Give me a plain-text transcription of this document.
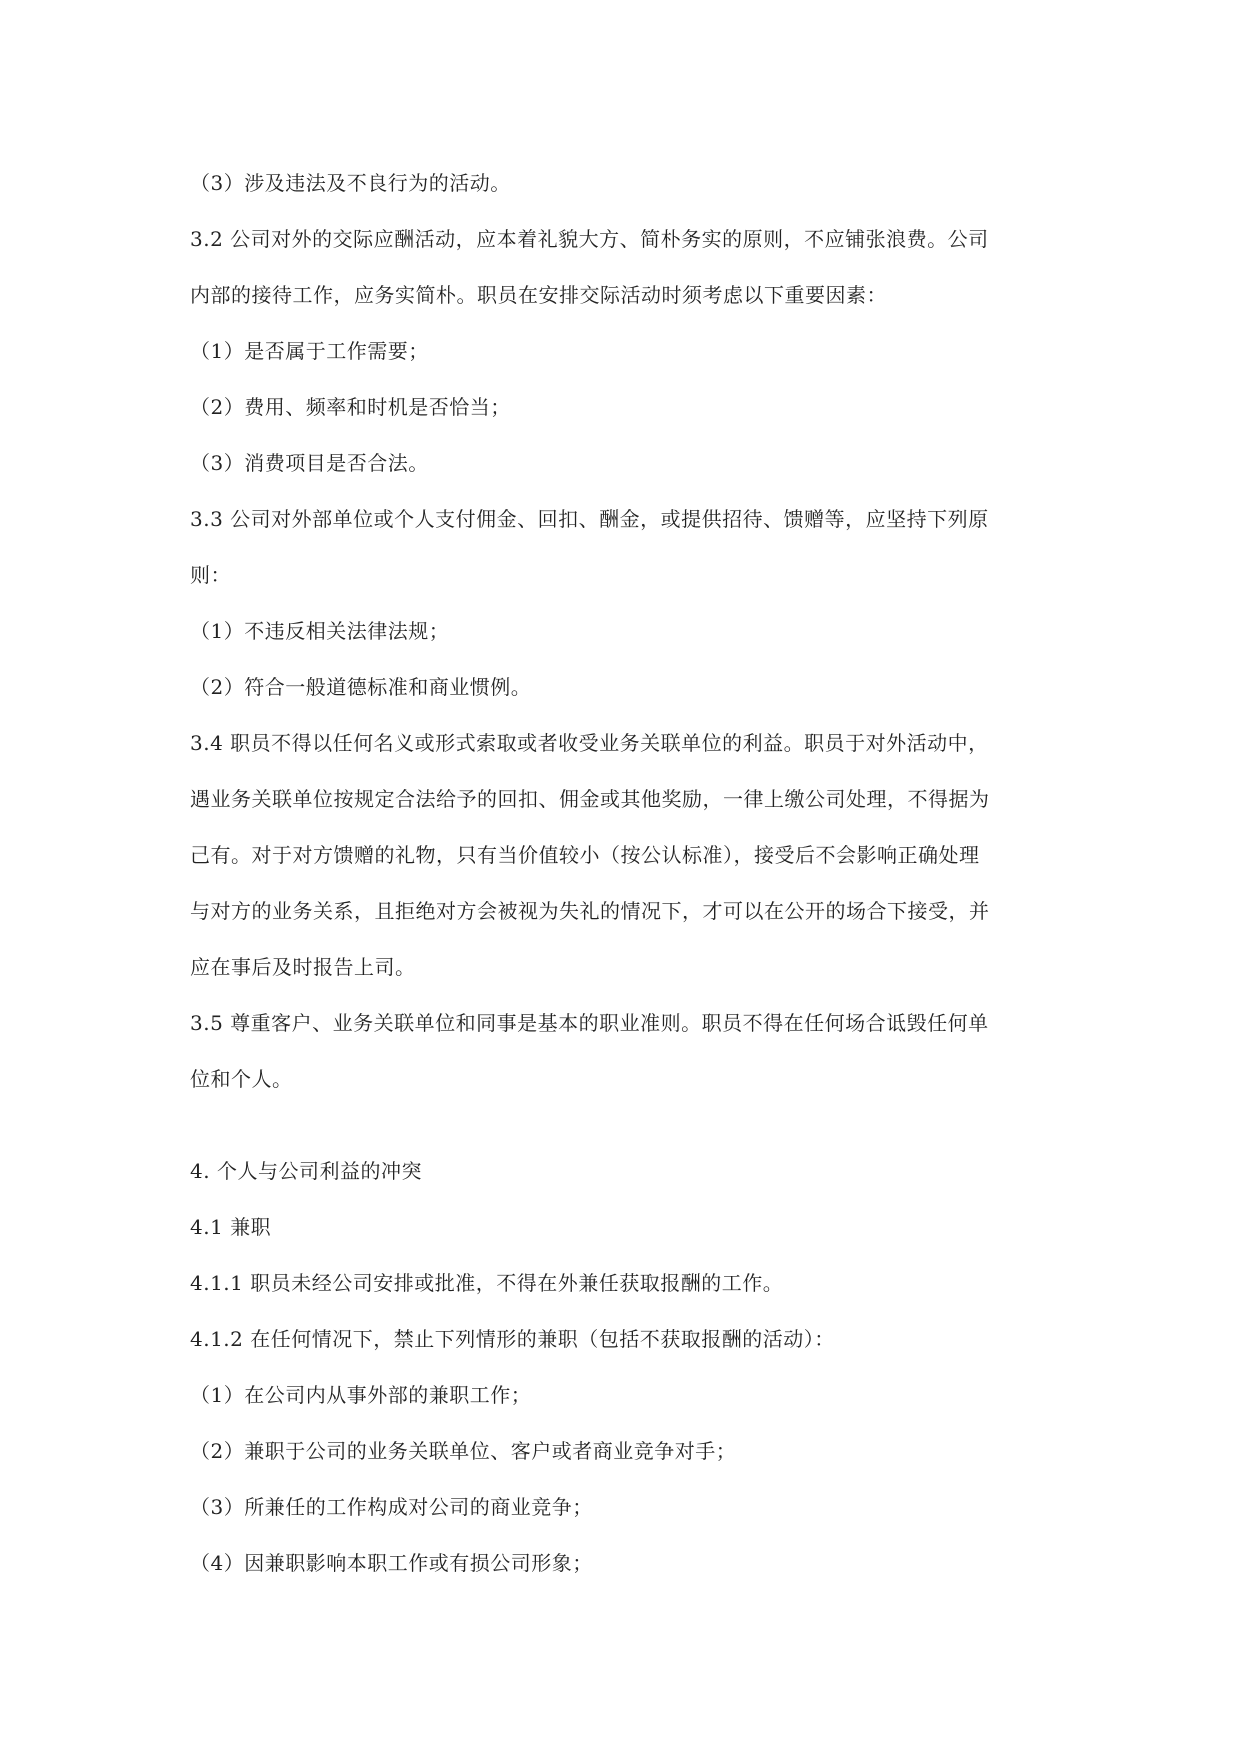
（3）涉及违法及不良行为的活动。
3.2 公司对外的交际应酬活动，应本着礼貌大方、简朴务实的原则，不应铺张浪费。公司
内部的接待工作，应务实简朴。职员在安排交际活动时须考虑以下重要因素：
（1）是否属于工作需要；
（2）费用、频率和时机是否恰当；
（3）消费项目是否合法。
3.3 公司对外部单位或个人支付佣金、回扣、酬金，或提供招待、馈赠等，应坚持下列原
则：
（1）不违反相关法律法规；
（2）符合一般道德标准和商业惯例。
3.4 职员不得以任何名义或形式索取或者收受业务关联单位的利益。职员于对外活动中，
遇业务关联单位按规定合法给予的回扣、佣金或其他奖励，一律上缴公司处理，不得据为
己有。对于对方馈赠的礼物，只有当价值较小（按公认标准），接受后不会影响正确处理
与对方的业务关系，且拒绝对方会被视为失礼的情况下，才可以在公开的场合下接受，并
应在事后及时报告上司。
3.5 尊重客户、业务关联单位和同事是基本的职业准则。职员不得在任何场合诋毁任何单
位和个人。
4. 个人与公司利益的冲突
4.1 兼职
4.1.1 职员未经公司安排或批准，不得在外兼任获取报酬的工作。
4.1.2 在任何情况下，禁止下列情形的兼职（包括不获取报酬的活动）：
（1）在公司内从事外部的兼职工作；
（2）兼职于公司的业务关联单位、客户或者商业竞争对手；
（3）所兼任的工作构成对公司的商业竞争；
（4）因兼职影响本职工作或有损公司形象；
